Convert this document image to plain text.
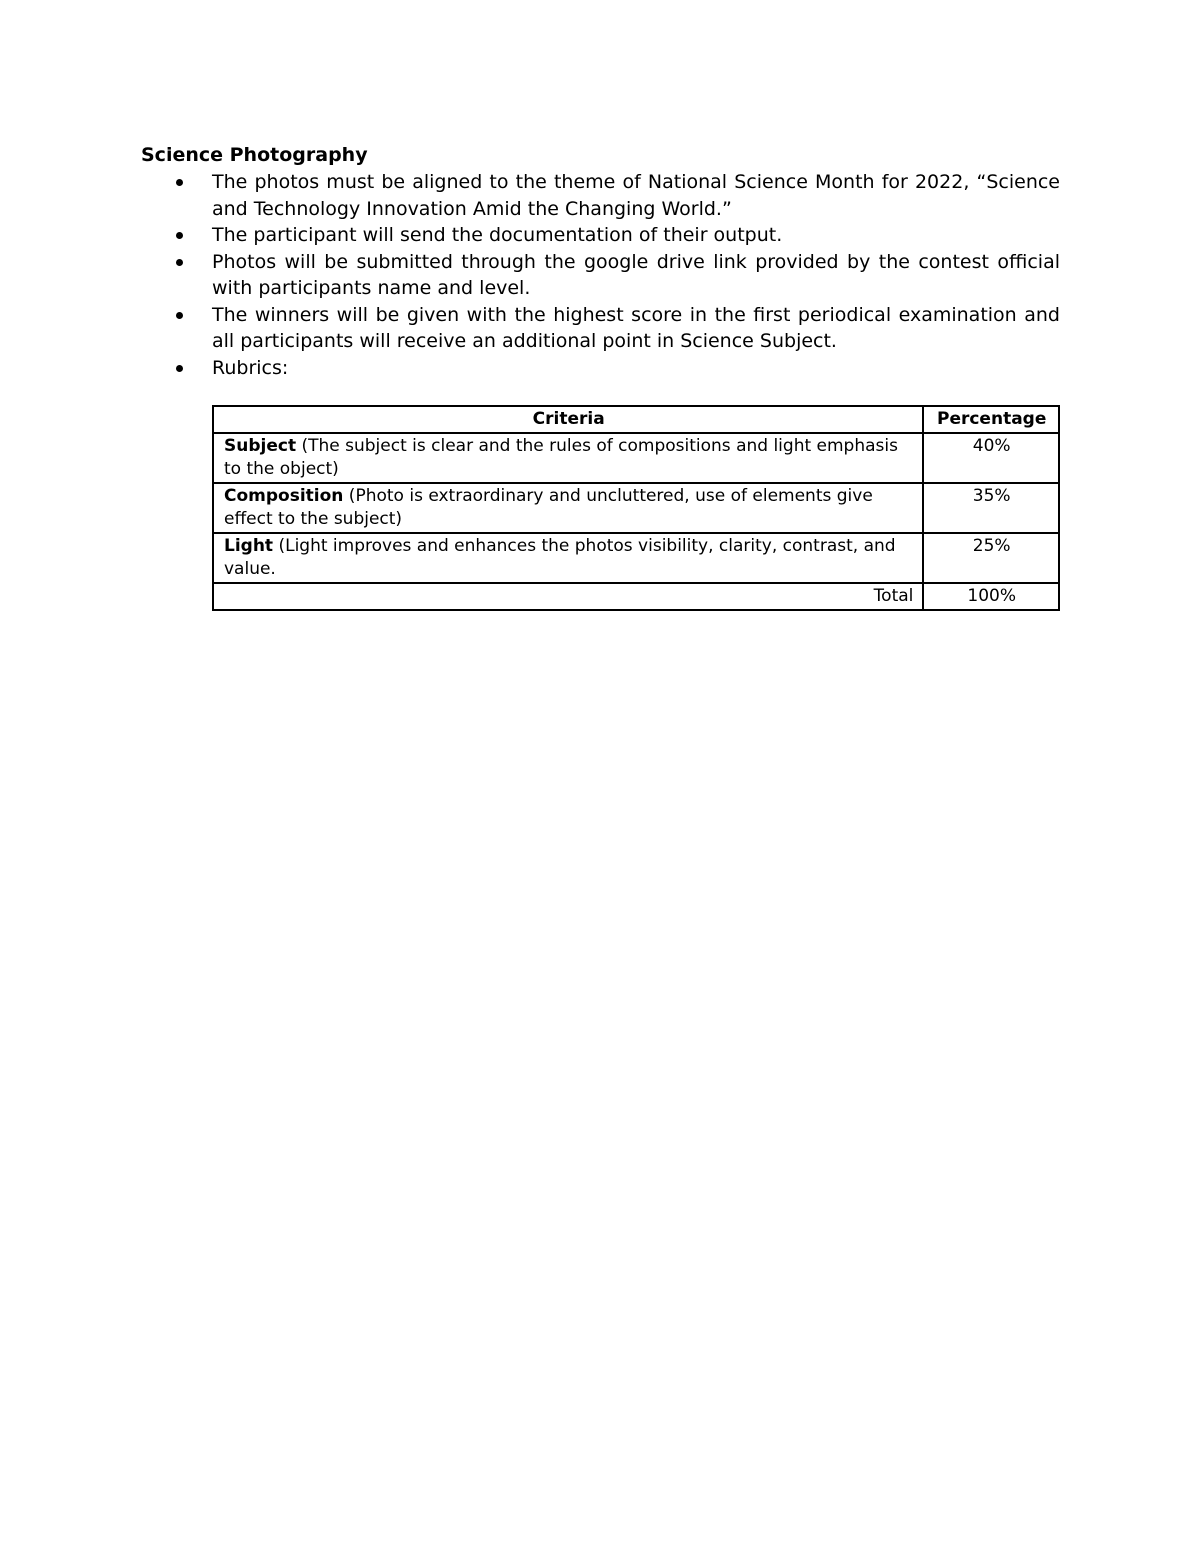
Science Photography

The photos must be aligned to the theme of National Science Month for 2022, “Science and Technology Innovation Amid the Changing World.”
The participant will send the documentation of their output.
Photos will be submitted through the google drive link provided by the contest official with participants name and level.
The winners will be given with the highest score in the first periodical examination and all participants will receive an additional point in Science Subject.
Rubrics:
Criteria	Percentage
Subject (The subject is clear and the rules of compositions and light emphasis to the object)	40%
Composition (Photo is extraordinary and uncluttered, use of elements give effect to the subject)	35%
Light (Light improves and enhances the photos visibility, clarity, contrast, and value.	25%
Total	100%
